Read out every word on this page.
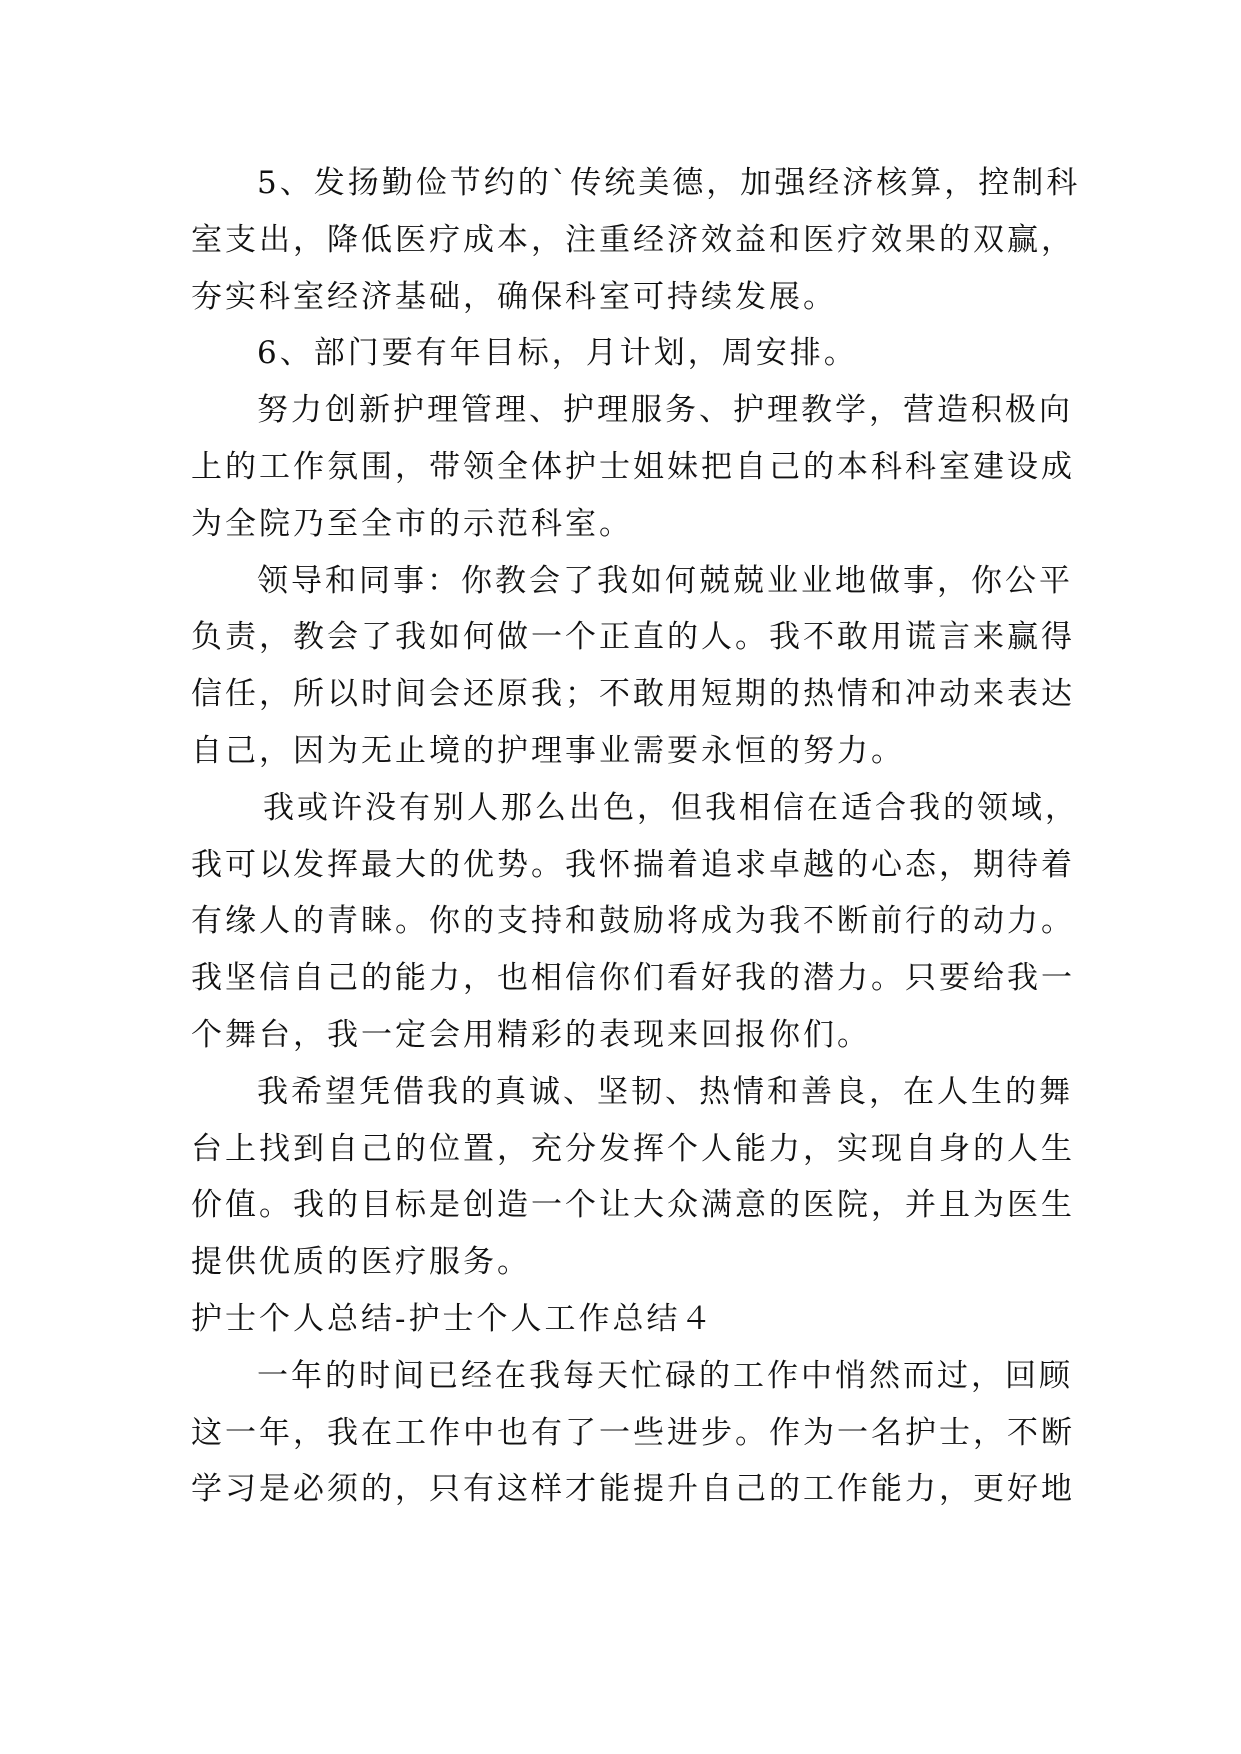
5、发扬勤俭节约的`传统美德，加强经济核算，控制科
室支出，降低医疗成本，注重经济效益和医疗效果的双赢，
夯实科室经济基础，确保科室可持续发展。
6、部门要有年目标，月计划，周安排。
努力创新护理管理、护理服务、护理教学，营造积极向
上的工作氛围，带领全体护士姐妹把自己的本科科室建设成
为全院乃至全市的示范科室。
领导和同事：你教会了我如何兢兢业业地做事，你公平
负责，教会了我如何做一个正直的人。我不敢用谎言来赢得
信任，所以时间会还原我；不敢用短期的热情和冲动来表达
自己，因为无止境的护理事业需要永恒的努力。
我或许没有别人那么出色，但我相信在适合我的领域，
我可以发挥最大的优势。我怀揣着追求卓越的心态，期待着
有缘人的青睐。你的支持和鼓励将成为我不断前行的动力。
我坚信自己的能力，也相信你们看好我的潜力。只要给我一
个舞台，我一定会用精彩的表现来回报你们。
我希望凭借我的真诚、坚韧、热情和善良，在人生的舞
台上找到自己的位置，充分发挥个人能力，实现自身的人生
价值。我的目标是创造一个让大众满意的医院，并且为医生
提供优质的医疗服务。
护士个人总结-护士个人工作总结４
一年的时间已经在我每天忙碌的工作中悄然而过，回顾
这一年，我在工作中也有了一些进步。作为一名护士，不断
学习是必须的，只有这样才能提升自己的工作能力，更好地
